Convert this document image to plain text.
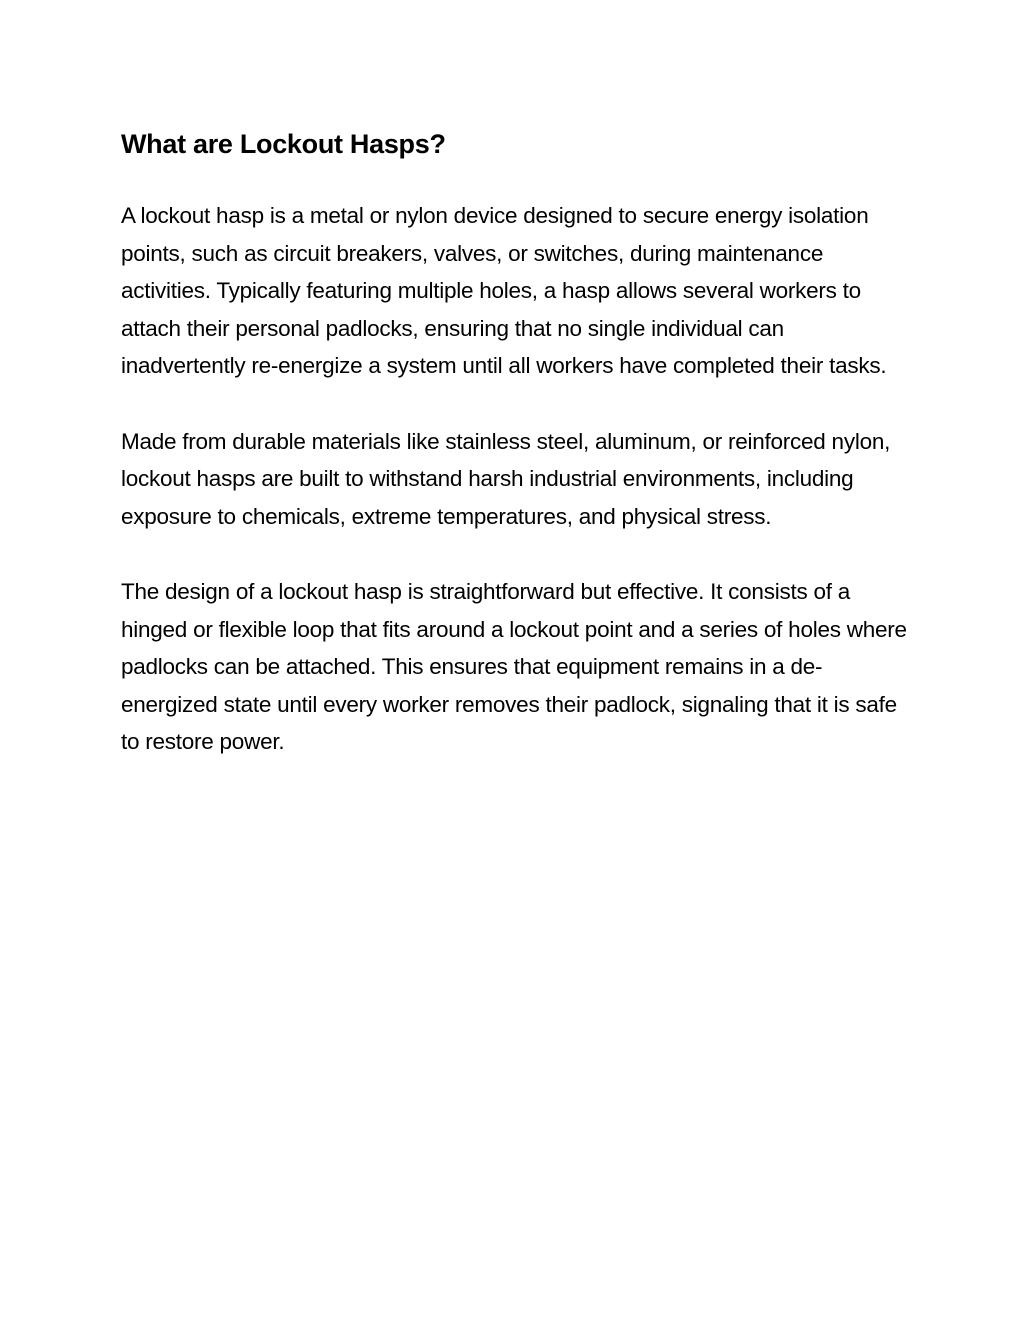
What are Lockout Hasps?

A lockout hasp is a metal or nylon device designed to secure energy isolation points, such as circuit breakers, valves, or switches, during maintenance activities. Typically featuring multiple holes, a hasp allows several workers to attach their personal padlocks, ensuring that no single individual can inadvertently re-energize a system until all workers have completed their tasks.

Made from durable materials like stainless steel, aluminum, or reinforced nylon, lockout hasps are built to withstand harsh industrial environments, including exposure to chemicals, extreme temperatures, and physical stress.

The design of a lockout hasp is straightforward but effective. It consists of a hinged or flexible loop that fits around a lockout point and a series of holes where padlocks can be attached. This ensures that equipment remains in a de-energized state until every worker removes their padlock, signaling that it is safe to restore power.
